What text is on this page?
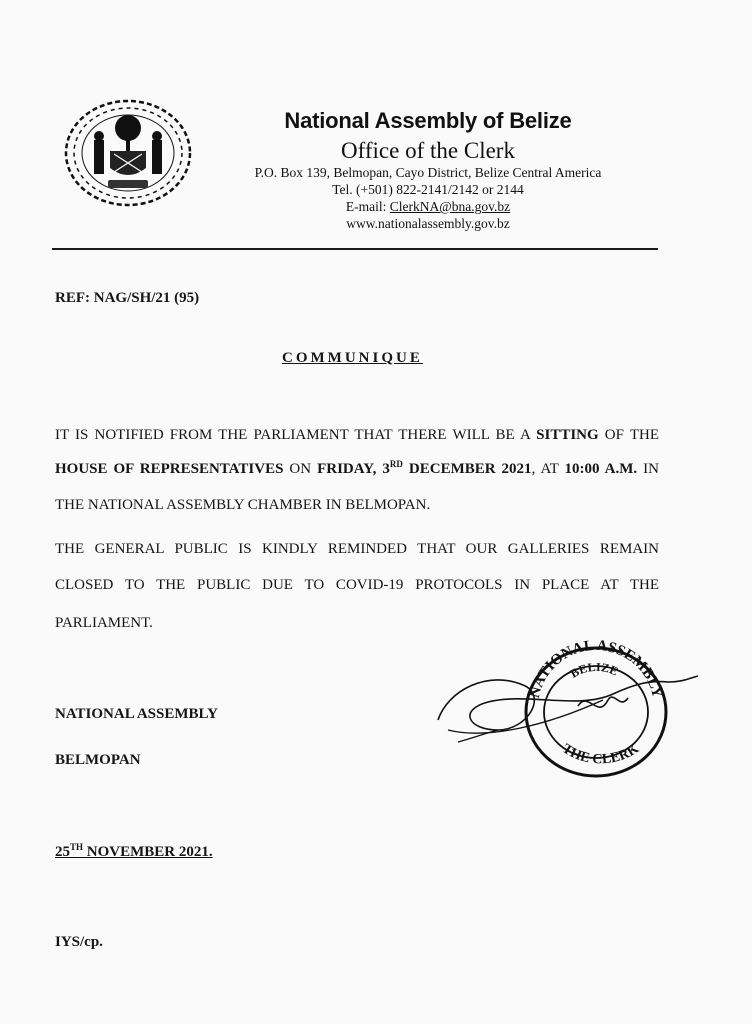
National Assembly of Belize
Office of the Clerk
P.O. Box 139, Belmopan, Cayo District, Belize Central America
Tel. (+501) 822-2141/2142 or 2144
E-mail: ClerkNA@bna.gov.bz
www.nationalassembly.gov.bz
REF: NAG/SH/21 (95)
COMMUNIQUE
IT IS NOTIFIED FROM THE PARLIAMENT THAT THERE WILL BE A SITTING OF THE
HOUSE OF REPRESENTATIVES ON FRIDAY, 3RD DECEMBER 2021, AT 10:00 A.M. IN
THE NATIONAL ASSEMBLY CHAMBER IN BELMOPAN.
THE GENERAL PUBLIC IS KINDLY REMINDED THAT OUR GALLERIES REMAIN
CLOSED TO THE PUBLIC DUE TO COVID-19 PROTOCOLS IN PLACE AT THE
PARLIAMENT.
NATIONAL ASSEMBLY
BELMOPAN
25TH NOVEMBER 2021.
IYS/cp.
NATIONAL ASSEMBLY
BELIZE
THE CLERK
